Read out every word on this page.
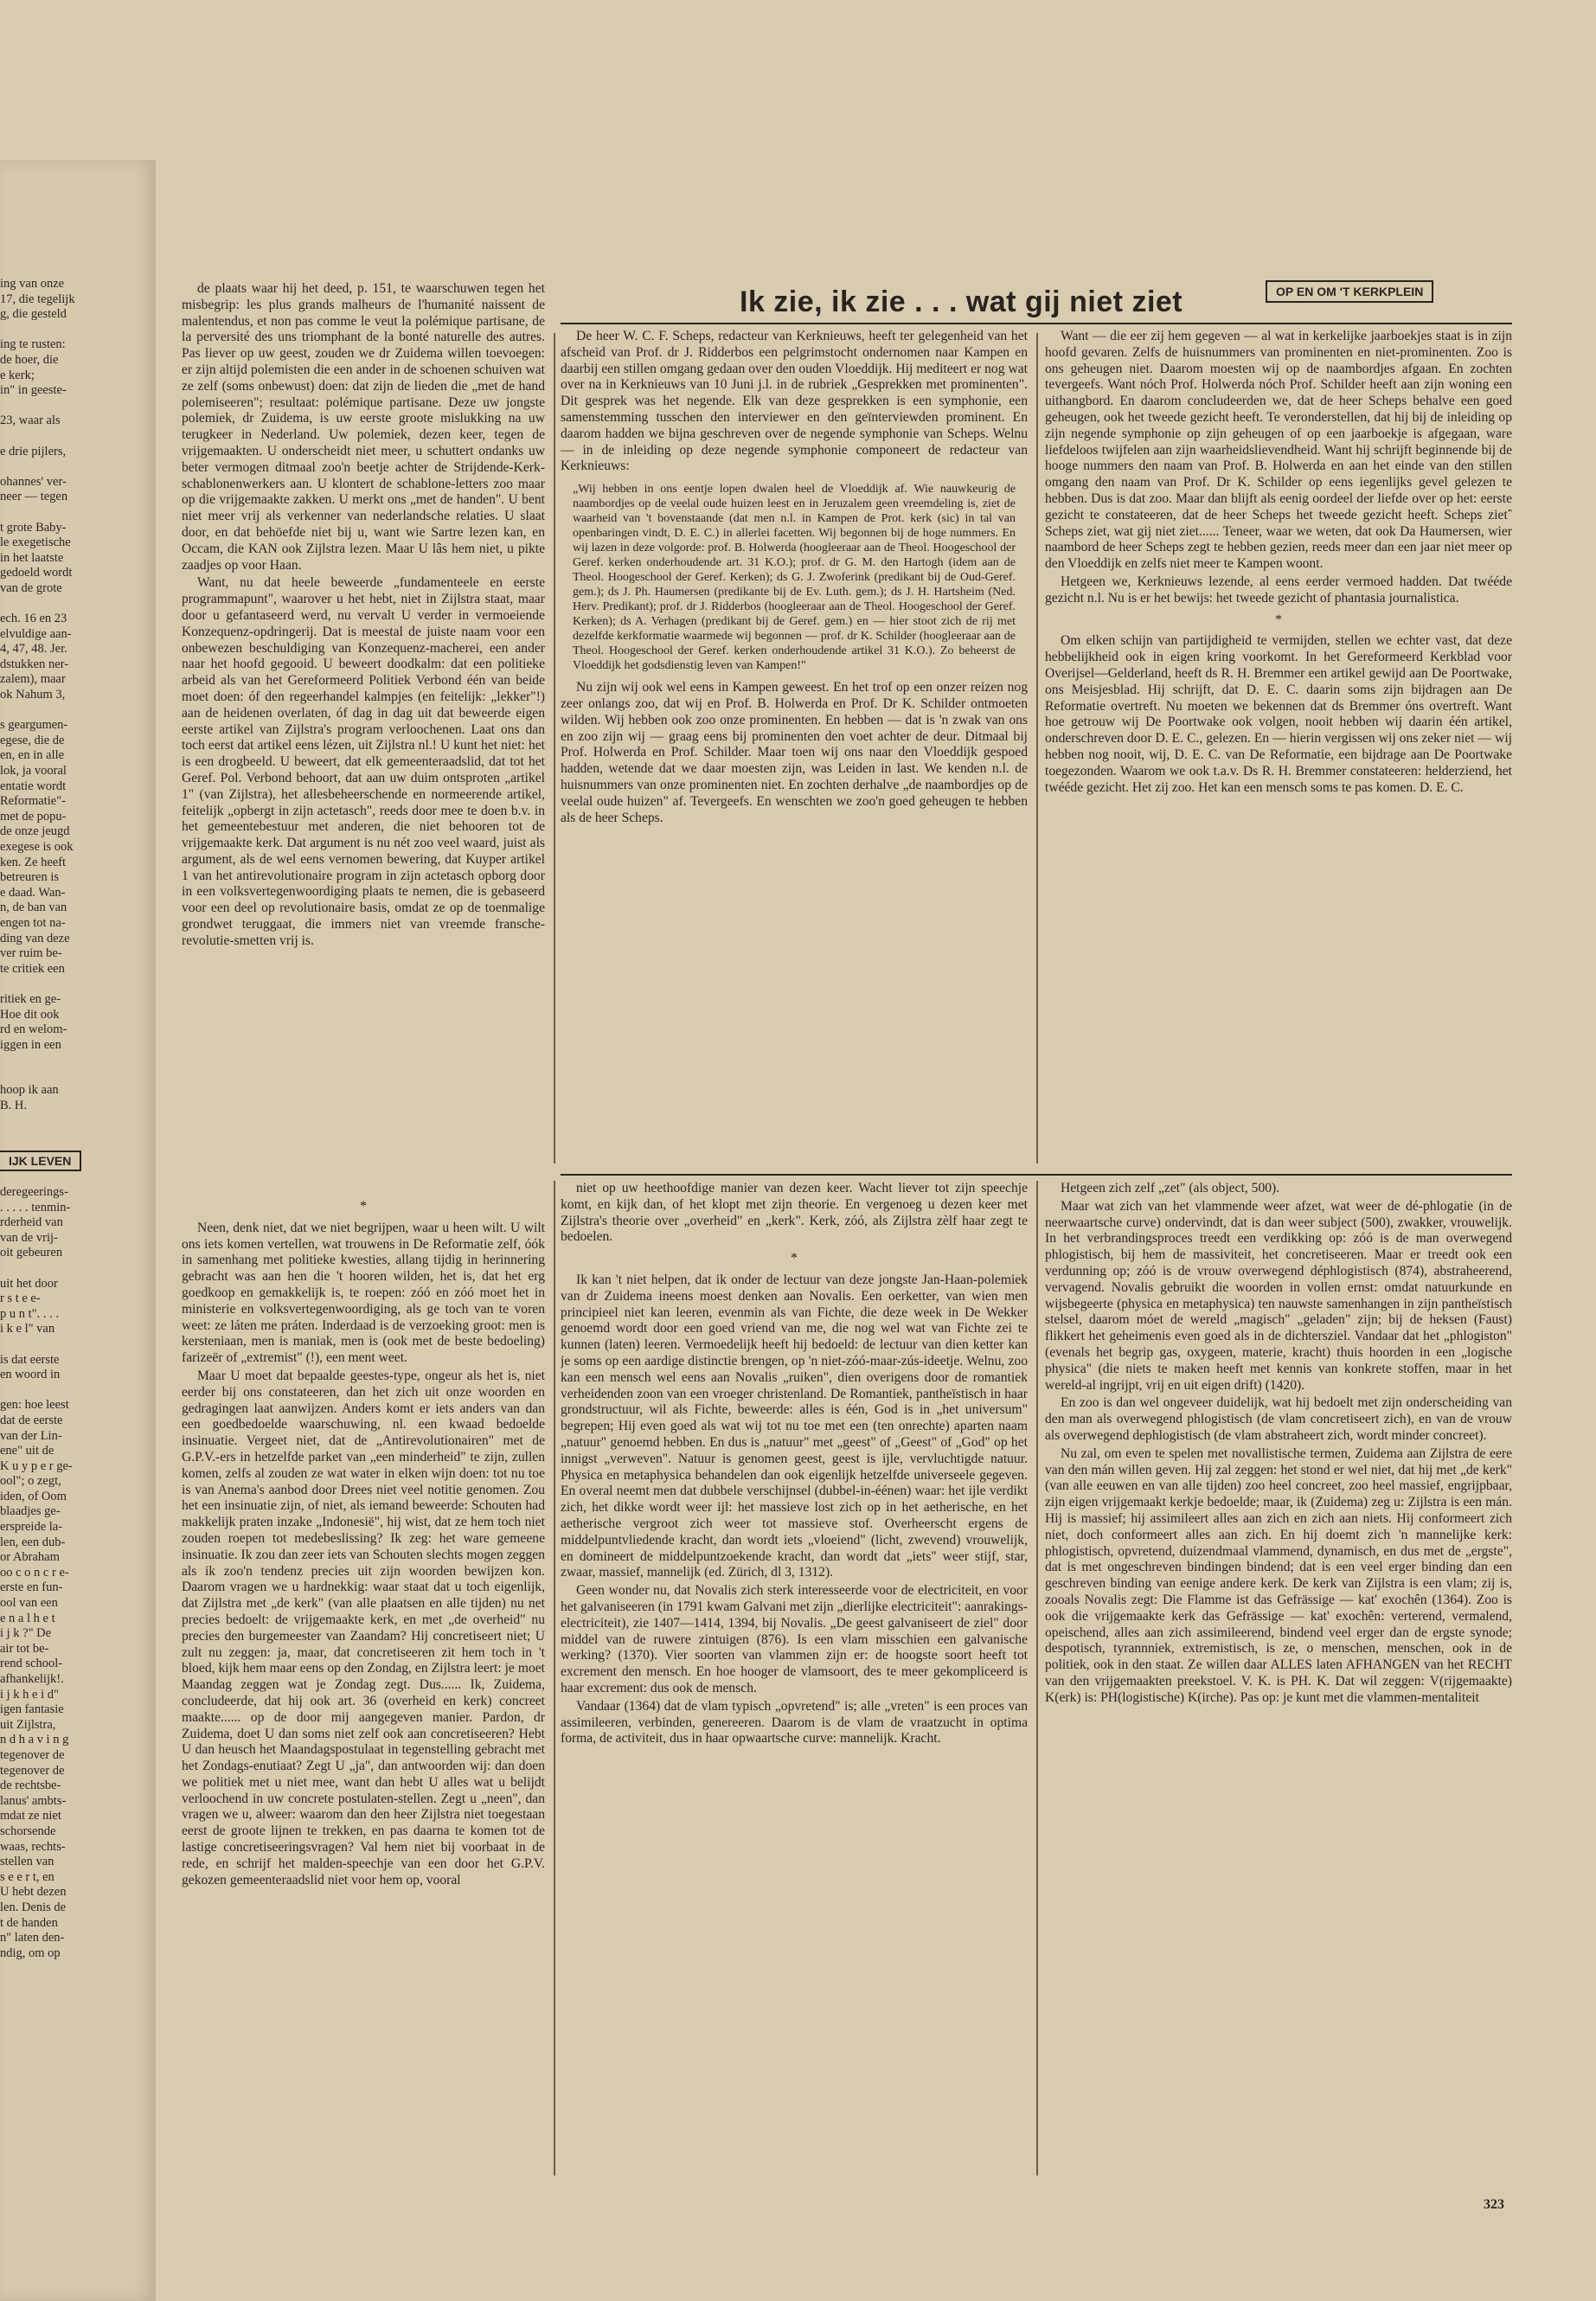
ing van onze
17, die tegelijk
g, die gesteld

ing te rusten:
de hoer, die
e kerk;
in" in geeste-

23, waar als

e drie pijlers,

ohannes' ver-
neer — tegen

t grote Baby-
le exegetische
in het laatste
gedoeld wordt
van de grote

ech. 16 en 23
elvuldige aan-
4, 47, 48. Jer.
dstukken ner-
zalem), maar
ok Nahum 3,

s geargumen-
egese, die de
en, en in alle
lok, ja vooral
entatie wordt
Reformatie"-
met de popu-
de onze jeugd
exegese is ook
ken. Ze heeft
betreuren is
e daad. Wan-
n, de ban van
engen tot na-
ding van deze
ver ruim be-
te critiek een

ritiek en ge-
Hoe dit ook
rd en welom-
iggen in een

hoop ik aan
B. H.
IJK LEVEN
deregeerings-
. . . . . tenmin-
rderheid van
van de vrij-
oit gebeuren

uit het door
r s t e e-
p u n t". . . .
i k e l" van

is dat eerste
en woord in

gen: hoe leest
dat de eerste
van der Lin-
ene" uit de
K u y p e r ge-
ool"; o zegt,
iden, of Oom
blaadjes ge-
erspreide la-
len, een dub-
or Abraham
oo c o n c r e-
erste en fun-
ool van een
e n a l h e t
i j k ?" De
air tot be-
rend school-
afhankelijk!.
i j k h e i d"
igen fantasie
uit Zijlstra,
n d h a v i n g
tegenover de
tegenover de
de rechtsbe-
lanus' ambts-
mdat ze niet
schorsende
waas, rechts-
stellen van
s e e r t, en
U hebt dezen
len. Denis de
t de handen
n" laten den-
ndig, om op
Ik zie, ik zie . . . wat gij niet ziet	OP EN OM 'T KERKPLEIN

de plaats waar hij het deed, p. 151, te waarschuwen tegen het misbegrip: les plus grands malheurs de l'humanité naissent de malentendus, et non pas comme le veut la polémique partisane, de la perversité des uns triomphant de la bonté naturelle des autres. Pas liever op uw geest, zouden we dr Zuidema willen toevoegen: er zijn altijd polemisten die een ander in de schoenen schuiven wat ze zelf (soms onbewust) doen: dat zijn de lieden die „met de hand polemiseeren"; resultaat: polémique partisane. Deze uw jongste polemiek, dr Zuidema, is uw eerste groote mislukking na uw terugkeer in Nederland. Uw polemiek, dezen keer, tegen de vrijgemaakten. U onderscheidt niet meer, u schuttert ondanks uw beter vermogen ditmaal zoo'n beetje achter de Strijdende-Kerk-schablonenwerkers aan. U klontert de schablone-letters zoo maar op die vrijgemaakte zakken. U merkt ons „met de handen". U bent niet meer vrij als verkenner van nederlandsche relaties. U slaat door, en dat behöefde niet bij u, want wie Sartre lezen kan, en Occam, die KAN ook Zijlstra lezen. Maar U lâs hem niet, u pikte zaadjes op voor Haan.

Want, nu dat heele beweerde „fundamenteele en eerste programmapunt", waarover u het hebt, niet in Zijlstra staat, maar door u gefantaseerd werd, nu vervalt U verder in vermoeiende Konzequenz-opdringerij. Dat is meestal de juiste naam voor een onbewezen beschuldiging van Konzequenz-macherei, een ander naar het hoofd gegooid. U beweert doodkalm: dat een politieke arbeid als van het Gereformeerd Politiek Verbond één van beide moet doen: óf den regeerhandel kalmpjes (en feitelijk: „lekker"!) aan de heidenen overlaten, óf dag in dag uit dat beweerde eigen eerste artikel van Zijlstra's program verloochenen. Laat ons dan toch eerst dat artikel eens lézen, uit Zijlstra nl.! U kunt het niet: het is een drogbeeld. U beweert, dat elk gemeenteraadslid, dat tot het Geref. Pol. Verbond behoort, dat aan uw duim ontsproten „artikel 1" (van Zijlstra), het allesbeheerschende en normeerende artikel, feitelijk „opbergt in zijn actetasch", reeds door mee te doen b.v. in het gemeentebestuur met anderen, die niet behooren tot de vrijgemaakte kerk. Dat argument is nu nét zoo veel waard, juist als argument, als de wel eens vernomen bewering, dat Kuyper artikel 1 van het antirevolutionaire program in zijn actetasch opborg door in een volksvertegenwoordiging plaats te nemen, die is gebaseerd voor een deel op revolutionaire basis, omdat ze op de toenmalige grondwet teruggaat, die immers niet van vreemde fransche-revolutie-smetten vrij is.

De heer W. C. F. Scheps, redacteur van Kerknieuws, heeft ter gelegenheid van het afscheid van Prof. dr J. Ridderbos een pelgrimstocht ondernomen naar Kampen en daarbij een stillen omgang gedaan over den ouden Vloeddijk. Hij mediteert er nog wat over na in Kerknieuws van 10 Juni j.l. in de rubriek „Gesprekken met prominenten". Dit gesprek was het negende. Elk van deze gesprekken is een symphonie, een samenstemming tusschen den interviewer en den geïnterviewden prominent. En daarom hadden we bijna geschreven over de negende symphonie van Scheps. Welnu — in de inleiding op deze negende symphonie componeert de redacteur van Kerknieuws:

„Wij hebben in ons eentje lopen dwalen heel de Vloeddijk af. Wie nauwkeurig de naambordjes op de veelal oude huizen leest en in Jeruzalem geen vreemdeling is, ziet de waarheid van 't bovenstaande (dat men n.l. in Kampen de Prot. kerk (sic) in tal van openbaringen vindt, D. E. C.) in allerlei facetten. Wij begonnen bij de hoge nummers. En wij lazen in deze volgorde: prof. B. Holwerda (hoogleeraar aan de Theol. Hoogeschool der Geref. kerken onderhoudende art. 31 K.O.); prof. dr G. M. den Hartogh (idem aan de Theol. Hoogeschool der Geref. Kerken); ds G. J. Zwoferink (predikant bij de Oud-Geref. gem.); ds J. Ph. Haumersen (predikante bij de Ev. Luth. gem.); ds J. H. Hartsheim (Ned. Herv. Predikant); prof. dr J. Ridderbos (hoogleeraar aan de Theol. Hoogeschool der Geref. Kerken); ds A. Verhagen (predikant bij de Geref. gem.) en — hier stoot zich de rij met dezelfde kerkformatie waarmede wij begonnen — prof. dr K. Schilder (hoogleeraar aan de Theol. Hoogeschool der Geref. kerken onderhoudende artikel 31 K.O.). Zo beheerst de Vloeddijk het godsdienstig leven van Kampen!"

Nu zijn wij ook wel eens in Kampen geweest. En het trof op een onzer reizen nog zeer onlangs zoo, dat wij en Prof. B. Holwerda en Prof. Dr K. Schilder ontmoeten wilden. Wij hebben ook zoo onze prominenten. En hebben — dat is 'n zwak van ons en zoo zijn wij — graag eens bij prominenten den voet achter de deur. Ditmaal bij Prof. Holwerda en Prof. Schilder. Maar toen wij ons naar den Vloeddijk gespoed hadden, wetende dat we daar moesten zijn, was Leiden in last. We kenden n.l. de huisnummers van onze prominenten niet. En zochten derhalve „de naambordjes op de veelal oude huizen" af. Tevergeefs. En wenschten we zoo'n goed geheugen te hebben als de heer Scheps.

Want — die eer zij hem gegeven — al wat in kerkelijke jaarboekjes staat is in zijn hoofd gevaren. Zelfs de huisnummers van prominenten en niet-prominenten. Zoo is ons geheugen niet. Daarom moesten wij op de naambordjes afgaan. En zochten tevergeefs. Want nóch Prof. Holwerda nóch Prof. Schilder heeft aan zijn woning een uithangbord. En daarom concludeerden we, dat de heer Scheps behalve een goed geheugen, ook het tweede gezicht heeft. Te veronderstellen, dat hij bij de inleiding op zijn negende symphonie op zijn geheugen of op een jaarboekje is afgegaan, ware liefdeloos twijfelen aan zijn waarheidslievendheid. Want hij schrijft beginnende bij de hooge nummers den naam van Prof. B. Holwerda en aan het einde van den stillen omgang den naam van Prof. Dr K. Schilder op eens iegenlijks gevel gelezen te hebben. Dus is dat zoo. Maar dan blijft als eenig oordeel der liefde over op het: eerste gezicht te constateeren, dat de heer Scheps het tweede gezicht heeft. Scheps zietˆ Scheps ziet, wat gij niet ziet...... Teneer, waar we weten, dat ook Da Haumersen, wier naambord de heer Scheps zegt te hebben gezien, reeds meer dan een jaar niet meer op den Vloeddijk en zelfs niet meer te Kampen woont.

Hetgeen we, Kerknieuws lezende, al eens eerder vermoed hadden. Dat twééde gezicht n.l. Nu is er het bewijs: het tweede gezicht of phantasia journalistica.

*

Om elken schijn van partijdigheid te vermijden, stellen we echter vast, dat deze hebbelijkheid ook in eigen kring voorkomt. In het Gereformeerd Kerkblad voor Overijsel—Gelderland, heeft ds R. H. Bremmer een artikel gewijd aan De Poortwake, ons Meisjesblad. Hij schrijft, dat D. E. C. daarin soms zijn bijdragen aan De Reformatie overtreft. Nu moeten we bekennen dat ds Bremmer óns overtreft. Want hoe getrouw wij De Poortwake ook volgen, nooit hebben wij daarin één artikel, onderschreven door D. E. C., gelezen. En — hierin vergissen wij ons zeker niet — wij hebben nog nooit, wij, D. E. C. van De Reformatie, een bijdrage aan De Poortwake toegezonden. Waarom we ook t.a.v. Ds R. H. Bremmer constateeren: helderziend, het twééde gezicht. Het zij zoo. Het kan een mensch soms te pas komen. D. E. C.

*

Neen, denk niet, dat we niet begrijpen, waar u heen wilt. U wilt ons iets komen vertellen, wat trouwens in De Reformatie zelf, óók in samenhang met politieke kwesties, allang tijdig in herinnering gebracht was aan hen die 't hooren wilden, het is, dat het erg goedkoop en gemakkelijk is, te roepen: zóó en zóó moet het in ministerie en volksvertegenwoordiging, als ge toch van te voren weet: ze láten me práten. Inderdaad is de verzoeking groot: men is kersteniaan, men is maniak, men is (ook met de beste bedoeling) farizeër of „extremist" (!), een ment weet.

Maar U moet dat bepaalde geestes-type, ongeur als het is, niet eerder bij ons constateeren, dan het zich uit onze woorden en gedragingen laat aanwijzen. Anders komt er iets anders van dan een goedbedoelde waarschuwing, nl. een kwaad bedoelde insinuatie. Vergeet niet, dat de „Antirevolutionairen" met de G.P.V.-ers in hetzelfde parket van „een minderheid" te zijn, zullen komen, zelfs al zouden ze wat water in elken wijn doen: tot nu toe is van Anema's aanbod door Drees niet veel notitie genomen. Zou het een insinuatie zijn, of niet, als iemand beweerde: Schouten had makkelijk praten inzake „Indonesië", hij wist, dat ze hem toch niet zouden roepen tot medebeslissing? Ik zeg: het ware gemeene insinuatie. Ik zou dan zeer iets van Schouten slechts mogen zeggen als ik zoo'n tendenz precies uit zijn woorden bewijzen kon. Daarom vragen we u hardnekkig: waar staat dat u toch eigenlijk, dat Zijlstra met „de kerk" (van alle plaatsen en alle tijden) nu net precies bedoelt: de vrijgemaakte kerk, en met „de overheid" nu precies den burgemeester van Zaandam? Hij concretiseert niet; U zult nu zeggen: ja, maar, dat concretiseeren zit hem toch in 't bloed, kijk hem maar eens op den Zondag, en Zijlstra leert: je moet Maandag zeggen wat je Zondag zegt. Dus...... Ik, Zuidema, concludeerde, dat hij ook art. 36 (overheid en kerk) concreet maakte...... op de door mij aangegeven manier. Pardon, dr Zuidema, doet U dan soms niet zelf ook aan concretiseeren? Hebt U dan heusch het Maandagspostulaat in tegenstelling gebracht met het Zondags-enutiaat? Zegt U „ja", dan antwoorden wij: dan doen we politiek met u niet mee, want dan hebt U alles wat u belijdt verloochend in uw concrete postulaten-stellen. Zegt u „neen", dan vragen we u, alweer: waarom dan den heer Zijlstra niet toegestaan eerst de groote lijnen te trekken, en pas daarna te komen tot de lastige concretiseeringsvragen? Val hem niet bij voorbaat in de rede, en schrijf het malden-speechje van een door het G.P.V. gekozen gemeenteraadslid niet voor hem op, vooral

niet op uw heethoofdige manier van dezen keer. Wacht liever tot zijn speechje komt, en kijk dan, of het klopt met zijn theorie. En vergenoeg u dezen keer met Zijlstra's theorie over „overheid" en „kerk". Kerk, zóó, als Zijlstra zèlf haar zegt te bedoelen.

*

Ik kan 't niet helpen, dat ik onder de lectuur van deze jongste Jan-Haan-polemiek van dr Zuidema ineens moest denken aan Novalis. Een oerketter, van wien men principieel niet kan leeren, evenmin als van Fichte, die deze week in De Wekker genoemd wordt door een goed vriend van me, die nog wel wat van Fichte zei te kunnen (laten) leeren. Vermoedelijk heeft hij bedoeld: de lectuur van dien ketter kan je soms op een aardige distinctie brengen, op 'n niet-zóó-maar-zús-ideetje. Welnu, zoo kan een mensch wel eens aan Novalis „ruiken", dien overigens door de romantiek verheidenden zoon van een vroeger christenland. De Romantiek, pantheïstisch in haar grondstructuur, wil als Fichte, beweerde: alles is één, God is in „het universum" begrepen; Hij even goed als wat wij tot nu toe met een (ten onrechte) aparten naam „natuur" genoemd hebben. En dus is „natuur" met „geest" of „Geest" of „God" op het innigst „verweven". Natuur is genomen geest, geest is ijle, vervluchtigde natuur. Physica en metaphysica behandelen dan ook eigenlijk hetzelfde universeele gegeven. En overal neemt men dat dubbele verschijnsel (dubbel-in-éénen) waar: het ijle verdikt zich, het dikke wordt weer ijl: het massieve lost zich op in het aetherische, en het aetherische vergroot zich weer tot massieve stof. Overheerscht ergens de middelpuntvliedende kracht, dan wordt iets „vloeiend" (licht, zwevend) vrouwelijk, en domineert de middelpuntzoekende kracht, dan wordt dat „iets" weer stijf, star, zwaar, massief, mannelijk (ed. Zürich, dl 3, 1312).

Geen wonder nu, dat Novalis zich sterk interesseerde voor de electriciteit, en voor het galvaniseeren (in 1791 kwam Galvani met zijn „dierlijke electriciteit": aanrakings-electriciteit), zie 1407—1414, 1394, bij Novalis. „De geest galvaniseert de ziel" door middel van de ruwere zintuigen (876). Is een vlam misschien een galvanische werking? (1370). Vier soorten van vlammen zijn er: de hoogste soort heeft tot excrement den mensch. En hoe hooger de vlamsoort, des te meer gekompliceerd is haar excrement: dus ook de mensch.

Vandaar (1364) dat de vlam typisch „opvretend" is; alle „vreten" is een proces van assimileeren, verbinden, genereeren. Daarom is de vlam de vraatzucht in optima forma, de activiteit, dus in haar opwaartsche curve: mannelijk. Kracht.

Hetgeen zich zelf „zet" (als object, 500).

Maar wat zich van het vlammende weer afzet, wat weer de dé-phlogatie (in de neerwaartsche curve) ondervindt, dat is dan weer subject (500), zwakker, vrouwelijk. In het verbrandingsproces treedt een verdikking op: zóó is de man overwegend phlogistisch, bij hem de massiviteit, het concretiseeren. Maar er treedt ook een verdunning op; zóó is de vrouw overwegend déphlogistisch (874), abstraheerend, vervagend. Novalis gebruikt die woorden in vollen ernst: omdat natuurkunde en wijsbegeerte (physica en metaphysica) ten nauwste samenhangen in zijn pantheïstisch stelsel, daarom móet de wereld „magisch" „geladen" zijn; bij de heksen (Faust) flikkert het geheimenis even goed als in de dichtersziel. Vandaar dat het „phlogiston" (evenals het begrip gas, oxygeen, materie, kracht) thuis hoorden in een „logische physica" (die niets te maken heeft met kennis van konkrete stoffen, maar in het wereld-al ingrijpt, vrij en uit eigen drift) (1420).

En zoo is dan wel ongeveer duidelijk, wat hij bedoelt met zijn onderscheiding van den man als overwegend phlogistisch (de vlam concretiseert zich), en van de vrouw als overwegend dephlogistisch (de vlam abstraheert zich, wordt minder concreet).

Nu zal, om even te spelen met novallistische termen, Zuidema aan Zijlstra de eere van den mán willen geven. Hij zal zeggen: het stond er wel niet, dat hij met „de kerk" (van alle eeuwen en van alle tijden) zoo heel concreet, zoo heel massief, engrijpbaar, zijn eigen vrijgemaakt kerkje bedoelde; maar, ik (Zuidema) zeg u: Zijlstra is een mán. Hij is massief; hij assimileert alles aan zich en zich aan niets. Hij conformeert zich niet, doch conformeert alles aan zich. En hij doemt zich 'n mannelijke kerk: phlogistisch, opvretend, duizendmaal vlammend, dynamisch, en dus met de „ergste", dat is met ongeschreven bindingen bindend; dat is een veel erger binding dan een geschreven binding van eenige andere kerk. De kerk van Zijlstra is een vlam; zij is, zooals Novalis zegt: Die Flamme ist das Gefrässige — kat' exochên (1364). Zoo is ook die vrijgemaakte kerk das Gefrässige — kat' exochên: verterend, vermalend, opeischend, alles aan zich assimileerend, bindend veel erger dan de ergste synode; despotisch, tyrannniek, extremistisch, is ze, o menschen, menschen, ook in de politiek, ook in den staat. Ze willen daar ALLES laten AFHANGEN van het RECHT van den vrijgemaakten preekstoel. V. K. is PH. K. Dat wil zeggen: V(rijgemaakte) K(erk) is: PH(logistische) K(irche). Pas op: je kunt met die vlammen-mentaliteit

323
